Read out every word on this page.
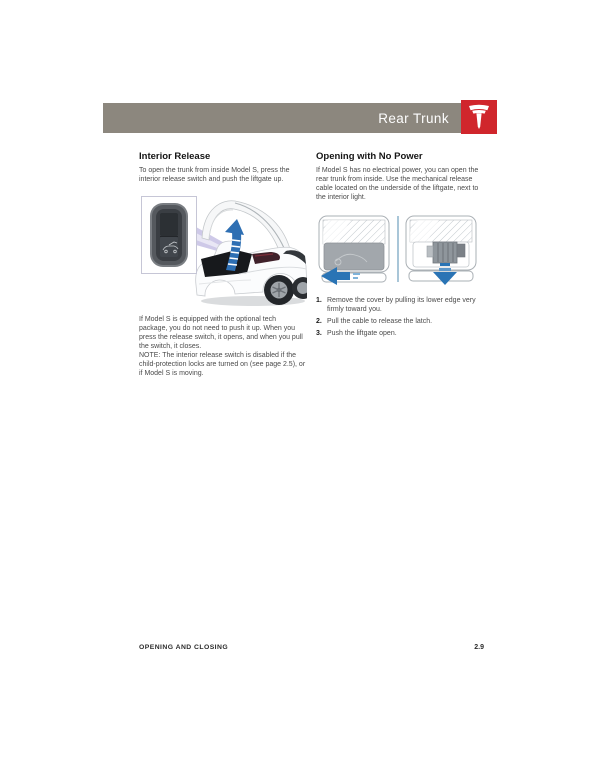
Rear Trunk
Interior Release

To open the trunk from inside Model S, press the interior release switch and push the liftgate up.

If Model S is equipped with the optional tech package, you do not need to push it up. When you press the release switch, it opens, and when you pull the switch, it closes.

NOTE: The interior release switch is disabled if the child-protection locks are turned on (see page 2.5), or if Model S is moving.

Opening with No Power

If Model S has no electrical power, you can open the rear trunk from inside. Use the mechanical release cable located on the underside of the liftgate, next to the interior light.

1. Remove the cover by pulling its lower edge very firmly toward you.
2. Pull the cable to release the latch.
3. Push the liftgate open.
OPENING AND CLOSING	2.9
